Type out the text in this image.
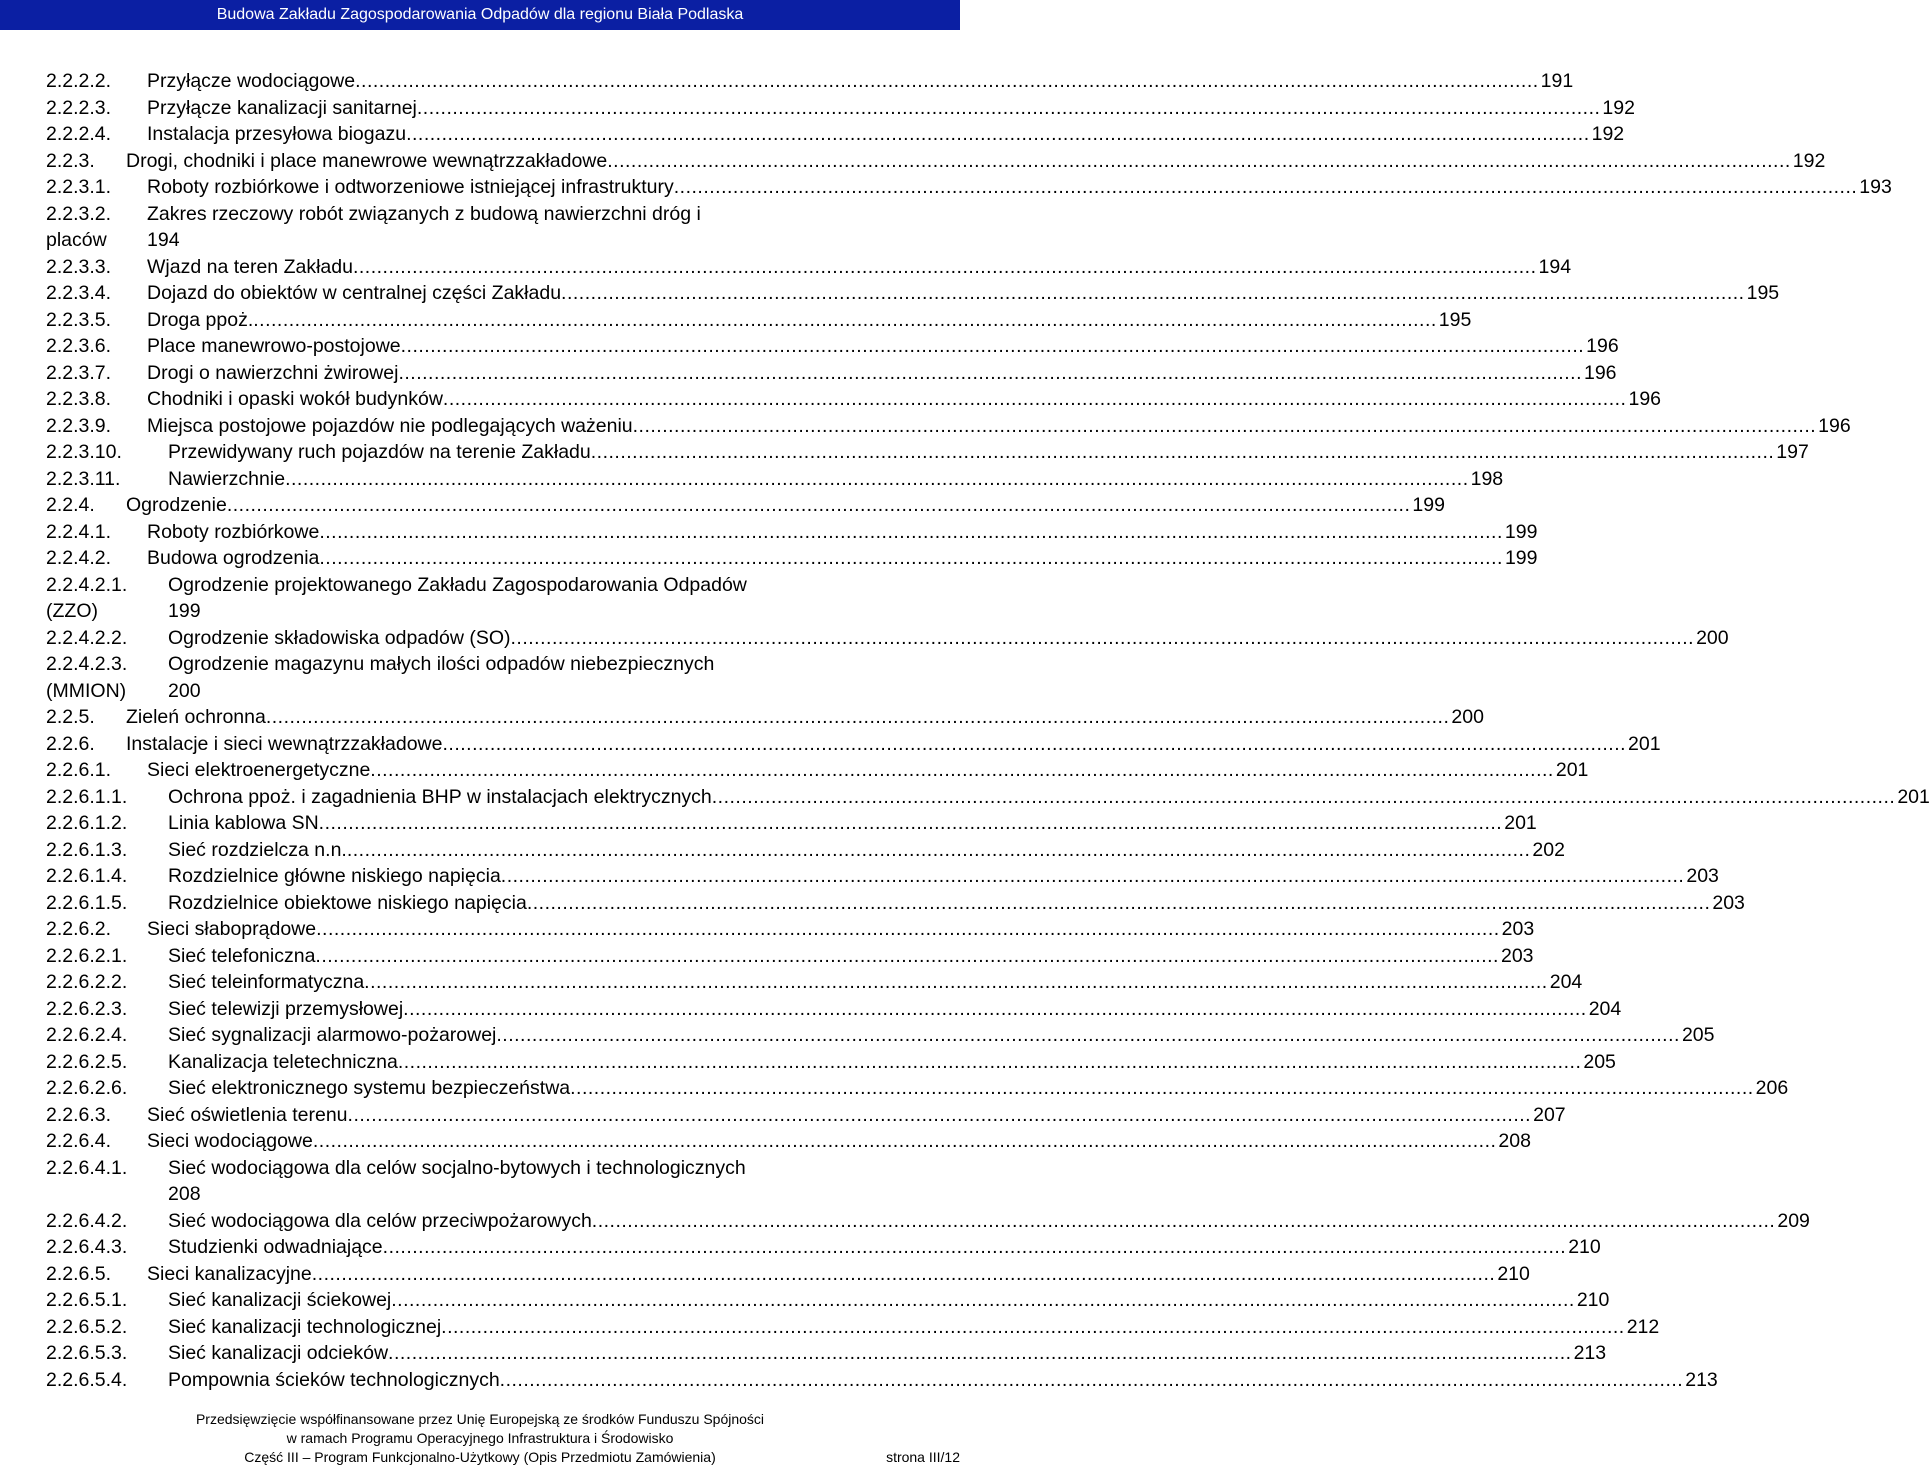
Budowa Zakładu Zagospodarowania Odpadów dla regionu Biała Podlaska
2.2.2.2.	Przyłącze wodociągowe .....	191
2.2.2.3.	Przyłącze kanalizacji sanitarnej .....	192
2.2.2.4.	Instalacja przesyłowa biogazu .....	192
2.2.3.	Drogi, chodniki i place manewrowe wewnątrzzakładowe .....	192
2.2.3.1.	Roboty rozbiórkowe i odtworzeniowe istniejącej infrastruktury .....	193
2.2.3.2.	Zakres rzeczowy robót związanych z budową nawierzchni dróg i
placów	194
2.2.3.3.	Wjazd na teren Zakładu .....	194
2.2.3.4.	Dojazd do obiektów w centralnej części Zakładu .....	195
2.2.3.5.	Droga ppoż. .....	195
2.2.3.6.	Place manewrowo-postojowe .....	196
2.2.3.7.	Drogi o nawierzchni żwirowej .....	196
2.2.3.8.	Chodniki i opaski wokół budynków .....	196
2.2.3.9.	Miejsca postojowe pojazdów nie podlegających ważeniu .....	196
2.2.3.10.	Przewidywany ruch pojazdów na terenie Zakładu .....	197
2.2.3.11.	Nawierzchnie .....	198
2.2.4.	Ogrodzenie .....	199
2.2.4.1.	Roboty rozbiórkowe .....	199
2.2.4.2.	Budowa ogrodzenia .....	199
2.2.4.2.1.	Ogrodzenie projektowanego Zakładu Zagospodarowania Odpadów
(ZZO)	199
2.2.4.2.2.	Ogrodzenie składowiska odpadów (SO) .....	200
2.2.4.2.3.	Ogrodzenie magazynu małych ilości odpadów niebezpiecznych
(MMION)	200
2.2.5.	Zieleń ochronna .....	200
2.2.6.	Instalacje i sieci wewnątrzzakładowe .....	201
2.2.6.1.	Sieci elektroenergetyczne .....	201
2.2.6.1.1.	Ochrona ppoż. i zagadnienia BHP w instalacjach elektrycznych .....	201
2.2.6.1.2.	Linia kablowa SN .....	201
2.2.6.1.3.	Sieć rozdzielcza n.n. .....	202
2.2.6.1.4.	Rozdzielnice główne niskiego napięcia .....	203
2.2.6.1.5.	Rozdzielnice obiektowe niskiego napięcia .....	203
2.2.6.2.	Sieci słaboprądowe .....	203
2.2.6.2.1.	Sieć telefoniczna .....	203
2.2.6.2.2.	Sieć teleinformatyczna .....	204
2.2.6.2.3.	Sieć telewizji przemysłowej .....	204
2.2.6.2.4.	Sieć sygnalizacji alarmowo-pożarowej .....	205
2.2.6.2.5.	Kanalizacja teletechniczna .....	205
2.2.6.2.6.	Sieć elektronicznego systemu bezpieczeństwa .....	206
2.2.6.3.	Sieć oświetlenia terenu .....	207
2.2.6.4.	Sieci wodociągowe .....	208
2.2.6.4.1.	Sieć wodociągowa dla celów socjalno-bytowych i technologicznych
208
2.2.6.4.2.	Sieć wodociągowa dla celów przeciwpożarowych .....	209
2.2.6.4.3.	Studzienki odwadniające .....	210
2.2.6.5.	Sieci kanalizacyjne .....	210
2.2.6.5.1.	Sieć kanalizacji ściekowej .....	210
2.2.6.5.2.	Sieć kanalizacji technologicznej .....	212
2.2.6.5.3.	Sieć kanalizacji odcieków .....	213
2.2.6.5.4.	Pompownia ścieków technologicznych .....	213
Przedsięwzięcie współfinansowane przez Unię Europejską ze środków Funduszu Spójności
w ramach Programu Operacyjnego Infrastruktura i Środowisko
Część III – Program Funkcjonalno-Użytkowy (Opis Przedmiotu Zamówienia)	strona III/12
